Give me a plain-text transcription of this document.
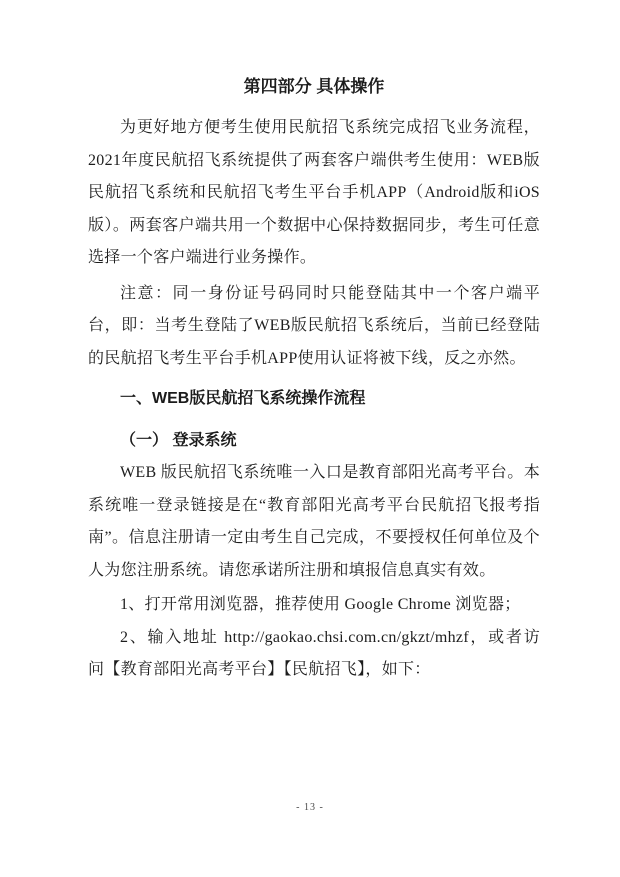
第四部分 具体操作

为更好地方便考生使用民航招飞系统完成招飞业务流程，2021年度民航招飞系统提供了两套客户端供考生使用：WEB版民航招飞系统和民航招飞考生平台手机APP（Android版和iOS版）。两套客户端共用一个数据中心保持数据同步，考生可任意选择一个客户端进行业务操作。

注意：同一身份证号码同时只能登陆其中一个客户端平台，即：当考生登陆了WEB版民航招飞系统后，当前已经登陆的民航招飞考生平台手机APP使用认证将被下线，反之亦然。

一、WEB版民航招飞系统操作流程
（一） 登录系统

WEB 版民航招飞系统唯一入口是教育部阳光高考平台。本系统唯一登录链接是在“教育部阳光高考平台民航招飞报考指南”。信息注册请一定由考生自己完成，不要授权任何单位及个人为您注册系统。请您承诺所注册和填报信息真实有效。

1、打开常用浏览器，推荐使用 Google Chrome 浏览器；

2、输入地址 http://gaokao.chsi.com.cn/gkzt/mhzf，或者访问【教育部阳光高考平台】【民航招飞】，如下：

- 13 -
